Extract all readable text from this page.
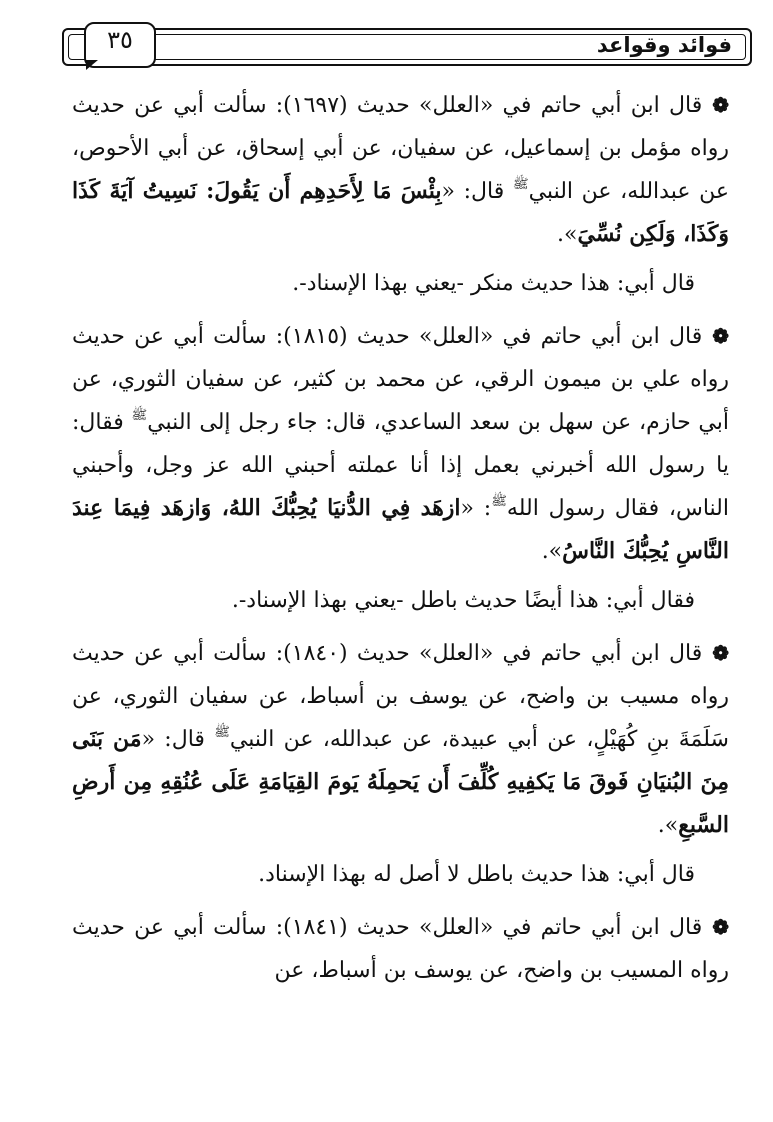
فوائد وقواعد
٣٥

❁قال ابن أبي حاتم في «العلل» حديث (١٦٩٧): سألت أبي عن حديث رواه مؤمل بن إسماعيل، عن سفيان، عن أبي إسحاق، عن أبي الأحوص، عن عبدالله، عن النبيﷺ قال: «بِئْسَ مَا لِأَحَدِهِم أَن يَقُولَ: نَسِيتُ آيَةَ كَذَا وَكَذَا، وَلَكِن نُسِّيَ».

قال أبي: هذا حديث منكر -يعني بهذا الإسناد-.

❁قال ابن أبي حاتم في «العلل» حديث (١٨١٥): سألت أبي عن حديث رواه علي بن ميمون الرقي، عن محمد بن كثير، عن سفيان الثوري، عن أبي حازم، عن سهل بن سعد الساعدي، قال: جاء رجل إلى النبيﷺ فقال: يا رسول الله أخبرني بعمل إذا أنا عملته أحبني الله عز وجل، وأحبني الناس، فقال رسول اللهﷺ: «ازهَد فِي الدُّنيَا يُحِبُّكَ اللهُ، وَازهَد فِيمَا عِندَ النَّاسِ يُحِبُّكَ النَّاسُ».

فقال أبي: هذا أيضًا حديث باطل -يعني بهذا الإسناد-.

❁قال ابن أبي حاتم في «العلل» حديث (١٨٤٠): سألت أبي عن حديث رواه مسيب بن واضح، عن يوسف بن أسباط، عن سفيان الثوري، عن سَلَمَةَ بنِ كُهَيْلٍ، عن أبي عبيدة، عن عبدالله، عن النبيﷺ قال: «مَن بَنَى مِنَ البُنيَانِ فَوقَ مَا يَكفِيهِ كُلِّفَ أَن يَحمِلَهُ يَومَ القِيَامَةِ عَلَى عُنُقِهِ مِن أَرضِ السَّبعِ».

قال أبي: هذا حديث باطل لا أصل له بهذا الإسناد.

❁قال ابن أبي حاتم في «العلل» حديث (١٨٤١): سألت أبي عن حديث رواه المسيب بن واضح، عن يوسف بن أسباط، عن
